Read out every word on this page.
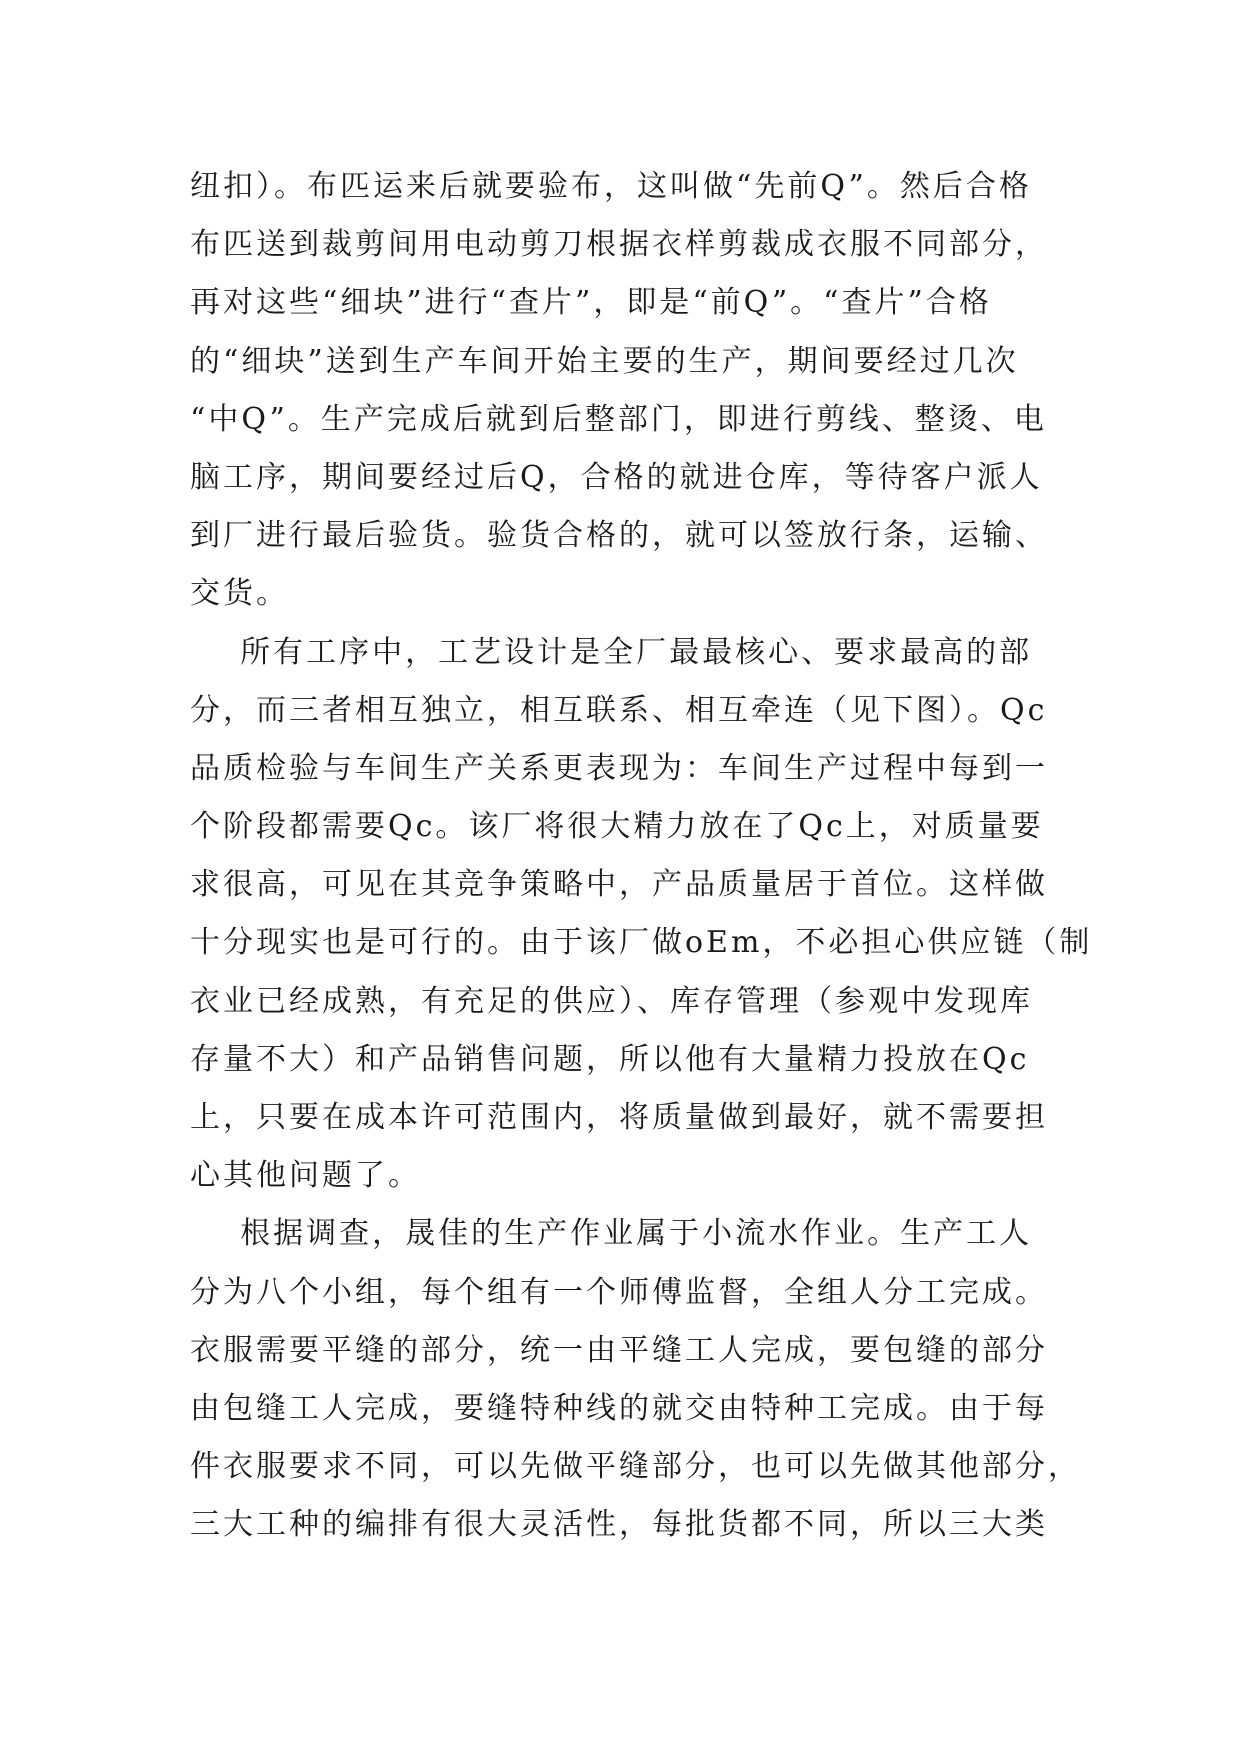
纽扣）。布匹运来后就要验布，这叫做“先前Q”。然后合格
布匹送到裁剪间用电动剪刀根据衣样剪裁成衣服不同部分，
再对这些“细块”进行“查片”，即是“前Q”。“查片”合格
的“细块”送到生产车间开始主要的生产，期间要经过几次
“中Q”。生产完成后就到后整部门，即进行剪线、整烫、电
脑工序，期间要经过后Q，合格的就进仓库，等待客户派人
到厂进行最后验货。验货合格的，就可以签放行条，运输、
交货。
所有工序中，工艺设计是全厂最最核心、要求最高的部
分，而三者相互独立，相互联系、相互牵连（见下图）。Qc
品质检验与车间生产关系更表现为：车间生产过程中每到一
个阶段都需要Qc。该厂将很大精力放在了Qc上，对质量要
求很高，可见在其竞争策略中，产品质量居于首位。这样做
十分现实也是可行的。由于该厂做oEm，不必担心供应链（制
衣业已经成熟，有充足的供应）、库存管理（参观中发现库
存量不大）和产品销售问题，所以他有大量精力投放在Qc
上，只要在成本许可范围内，将质量做到最好，就不需要担
心其他问题了。
根据调查，晟佳的生产作业属于小流水作业。生产工人
分为八个小组，每个组有一个师傅监督，全组人分工完成。
衣服需要平缝的部分，统一由平缝工人完成，要包缝的部分
由包缝工人完成，要缝特种线的就交由特种工完成。由于每
件衣服要求不同，可以先做平缝部分，也可以先做其他部分，
三大工种的编排有很大灵活性，每批货都不同，所以三大类
